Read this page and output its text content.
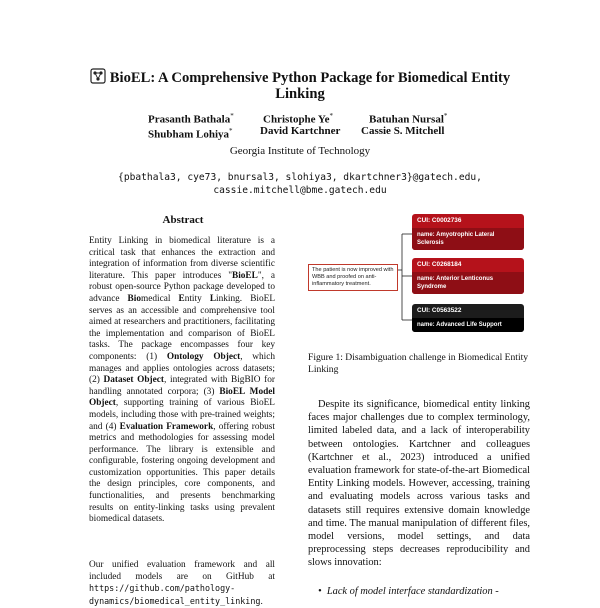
BioEL: A Comprehensive Python Package for Biomedical Entity
Linking
Prasanth Bathala*	Christophe Ye*	Batuhan Nursal*
Shubham Lohiya* David Kartchner Cassie S. Mitchell
Georgia Institute of Technology
{pbathala3, cye73, bnursal3, slohiya3, dkartchner3}@gatech.edu,
cassie.mitchell@bme.gatech.edu
Abstract

Entity Linking in biomedical literature is a critical task that enhances the extraction and integration of information from diverse scientific literature. This paper introduces "BioEL", a robust open-source Python package developed to advance Biomedical Entity Linking. BioEL serves as an accessible and comprehensive tool aimed at researchers and practitioners, facilitating the implementation and comparison of BioEL tasks. The package encompasses four key components: (1) Ontology Object, which manages and applies ontologies across datasets; (2) Dataset Object, integrated with BigBIO for handling annotated corpora; (3) BioEL Model Object, supporting training of various BioEL models, including those with pre-trained weights; and (4) Evaluation Framework, offering robust metrics and methodologies for assessing model performance. The library is extensible and configurable, fostering ongoing development and customization opportunities. This paper details the design principles, core components, and functionalities, and presents benchmarking results on entity-linking tasks using prevalent biomedical datasets.

Our unified evaluation framework and all included models are on GitHub at https://github.com/pathology-dynamics/biomedical_entity_linking.
The patient is now improved with WBB and proofed on anti-inflammatory treatment.
CUI: C0002736
name: Amyotrophic Lateral Sclerosis
CUI: C0268184
name: Anterior Lenticonus Syndrome
CUI: C0563522
name: Advanced Life Support
Figure 1: Disambiguation challenge in Biomedical Entity Linking

Despite its significance, biomedical entity linking faces major challenges due to complex terminology, limited labeled data, and a lack of interoperability between ontologies. Kartchner and colleagues (Kartchner et al., 2023) introduced a unified evaluation framework for state-of-the-art Biomedical Entity Linking models. However, accessing, training and evaluating models across various tasks and datasets still requires extensive domain knowledge and time. The manual manipulation of different files, model versions, model settings, and data preprocessing steps decreases reproducibility and slows innovation:

•  Lack of model interface standardization -
